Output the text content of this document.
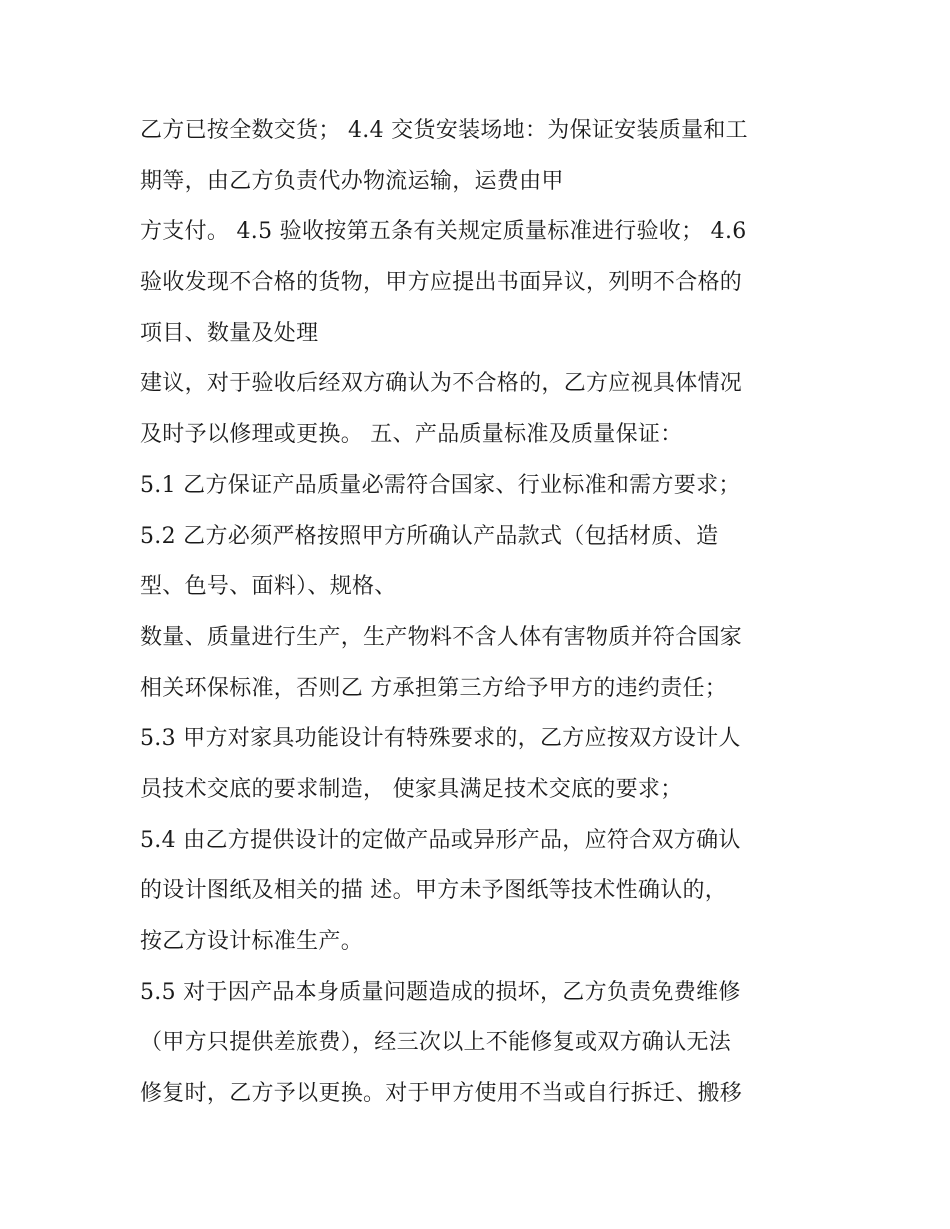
乙方已按全数交货； 4.4 交货安装场地：为保证安装质量和工
期等，由乙方负责代办物流运输，运费由甲
方支付。 4.5 验收按第五条有关规定质量标准进行验收； 4.6
验收发现不合格的货物，甲方应提出书面异议，列明不合格的
项目、数量及处理
建议，对于验收后经双方确认为不合格的，乙方应视具体情况
及时予以修理或更换。 五、产品质量标准及质量保证：
5.1 乙方保证产品质量必需符合国家、行业标准和需方要求；
5.2 乙方必须严格按照甲方所确认产品款式（包括材质、造
型、色号、面料）、规格、
数量、质量进行生产，生产物料不含人体有害物质并符合国家
相关环保标准，否则乙 方承担第三方给予甲方的违约责任；
5.3 甲方对家具功能设计有特殊要求的，乙方应按双方设计人
员技术交底的要求制造， 使家具满足技术交底的要求；
5.4 由乙方提供设计的定做产品或异形产品，应符合双方确认
的设计图纸及相关的描 述。甲方未予图纸等技术性确认的，
按乙方设计标准生产。
5.5 对于因产品本身质量问题造成的损坏，乙方负责免费维修
（甲方只提供差旅费），经三次以上不能修复或双方确认无法
修复时，乙方予以更换。对于甲方使用不当或自行拆迁、搬移
